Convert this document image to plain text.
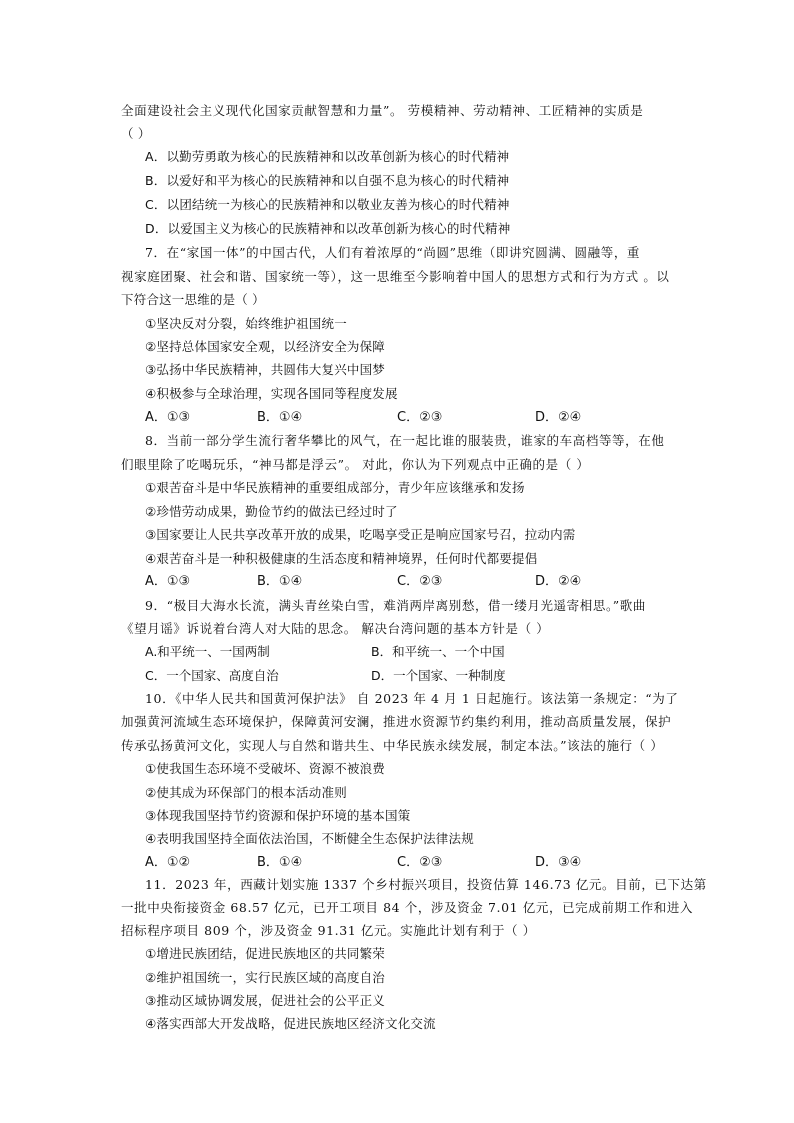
全面建设社会主义现代化国家贡献智慧和力量”。 劳模精神、劳动精神、工匠精神的实质是
（ ）
A．以勤劳勇敢为核心的民族精神和以改革创新为核心的时代精神
B．以爱好和平为核心的民族精神和以自强不息为核心的时代精神
C．以团结统一为核心的民族精神和以敬业友善为核心的时代精神
D．以爱国主义为核心的民族精神和以改革创新为核心的时代精神
7．在“家国一体”的中国古代，人们有着浓厚的“尚圆”思维（即讲究圆满、圆融等，重
视家庭团聚、社会和谐、国家统一等），这一思维至今影响着中国人的思想方式和行为方式 。以
下符合这一思维的是（ ）
①坚决反对分裂，始终维护祖国统一
②坚持总体国家安全观，以经济安全为保障
③弘扬中华民族精神，共圆伟大复兴中国梦
④积极参与全球治理，实现各国同等程度发展
A．①③	B．①④	C．②③	D．②④
8．当前一部分学生流行奢华攀比的风气，在一起比谁的服装贵，谁家的车高档等等，在他
们眼里除了吃喝玩乐，“神马都是浮云”。 对此，你认为下列观点中正确的是（ ）
①艰苦奋斗是中华民族精神的重要组成部分，青少年应该继承和发扬
②珍惜劳动成果，勤俭节约的做法已经过时了
③国家要让人民共享改革开放的成果，吃喝享受正是响应国家号召，拉动内需
④艰苦奋斗是一种积极健康的生活态度和精神境界，任何时代都要提倡
A．①③	B．①④	C．②③	D．②④
9．“极目大海水长流，满头青丝染白雪，难消两岸离别愁，借一缕月光遥寄相思。”歌曲
《望月谣》诉说着台湾人对大陆的思念。 解决台湾问题的基本方针是（ ）
A.和平统一、一国两制	B．和平统一、一个中国
C．一个国家、高度自治	D．一个国家、一种制度
10．《中华人民共和国黄河保护法》 自 2023 年 4 月 1 日起施行。该法第一条规定：“为了
加强黄河流域生态环境保护，保障黄河安澜，推进水资源节约集约利用，推动高质量发展，保护
传承弘扬黄河文化，实现人与自然和谐共生、中华民族永续发展，制定本法。”该法的施行（ ）
①使我国生态环境不受破坏、资源不被浪费
②使其成为环保部门的根本活动准则
③体现我国坚持节约资源和保护环境的基本国策
④表明我国坚持全面依法治国，不断健全生态保护法律法规
A．①②	B．①④	C．②③	D．③④
11．2023 年，西藏计划实施 1337 个乡村振兴项目，投资估算 146.73 亿元。目前，已下达第
一批中央衔接资金 68.57 亿元，已开工项目 84 个，涉及资金 7.01 亿元，已完成前期工作和进入
招标程序项目 809 个，涉及资金 91.31 亿元。实施此计划有利于（ ）
①增进民族团结，促进民族地区的共同繁荣
②维护祖国统一，实行民族区域的高度自治
③推动区域协调发展，促进社会的公平正义
④落实西部大开发战略，促进民族地区经济文化交流
